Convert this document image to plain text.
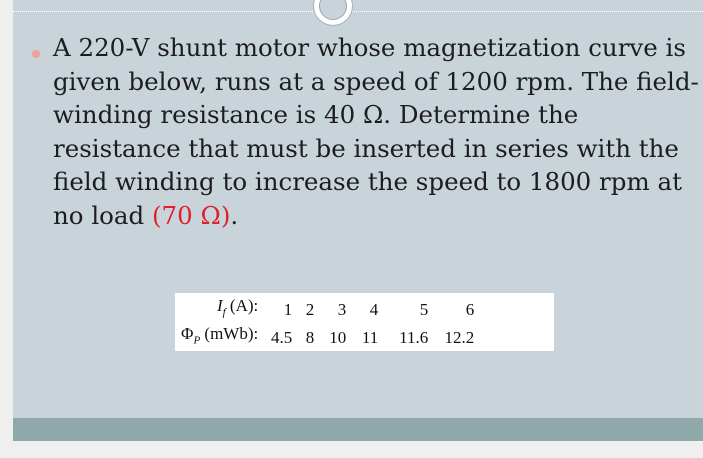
A 220-V shunt motor whose magnetization curve is given below, runs at a speed of 1200 rpm. The field-winding resistance is 40 Ω. Determine the resistance that must be inserted in series with the field winding to increase the speed to 1800 rpm at no load (70 Ω).
$I_f$ (A):	1	2	3	4	5	6
$\Phi_P$ (mWb):	4.5	8	10	11	11.6	12.2
